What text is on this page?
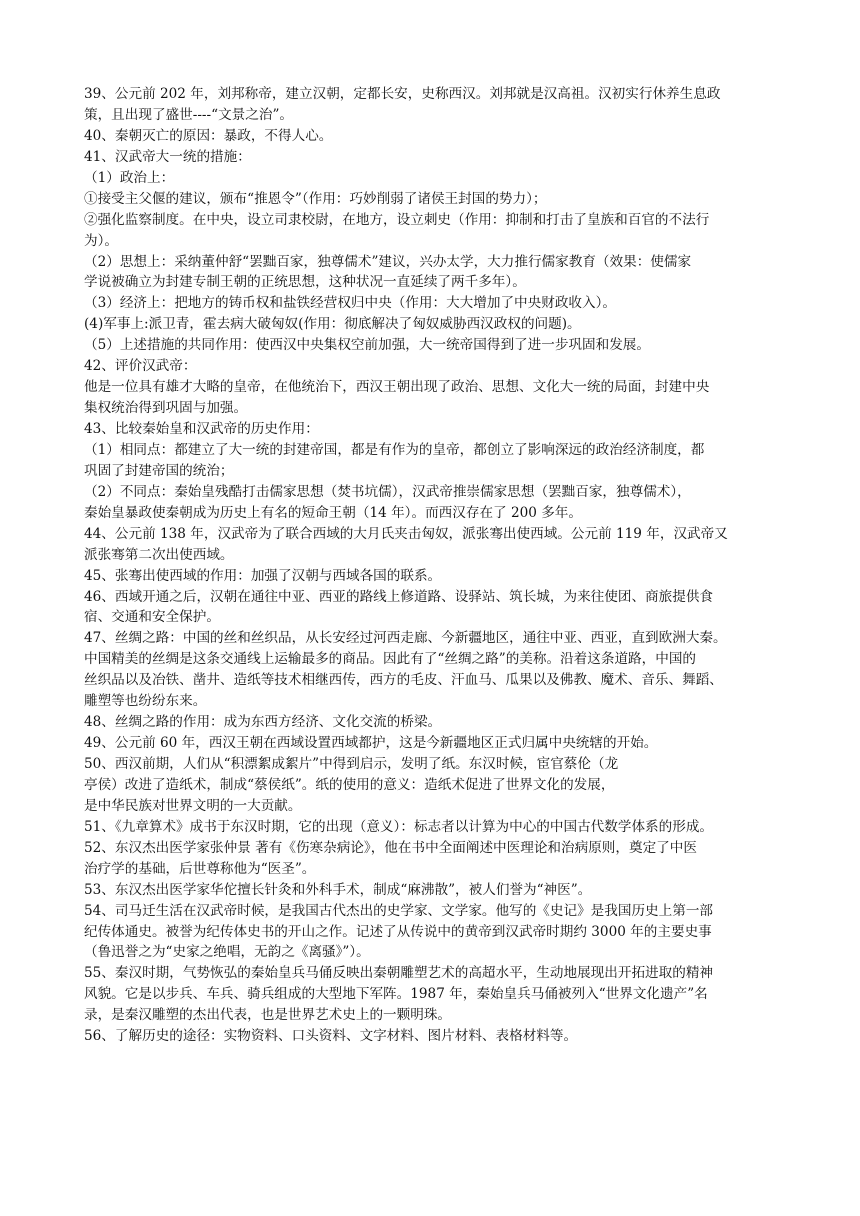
39、公元前 202 年，刘邦称帝，建立汉朝，定都长安，史称西汉。刘邦就是汉高祖。汉初实行休养生息政
策，且出现了盛世----“文景之治”。
40、秦朝灭亡的原因：暴政，不得人心。
41、汉武帝大一统的措施：
（1）政治上：
①接受主父偃的建议，颁布“推恩令”（作用：巧妙削弱了诸侯王封国的势力）；
②强化监察制度。在中央，设立司隶校尉，在地方，设立刺史（作用：抑制和打击了皇族和百官的不法行
为）。
（2）思想上：采纳董仲舒“罢黜百家，独尊儒术”建议，兴办太学，大力推行儒家教育（效果：使儒家
学说被确立为封建专制王朝的正统思想，这种状况一直延续了两千多年）。
（3）经济上：把地方的铸币权和盐铁经营权归中央（作用：大大增加了中央财政收入）。
(4)军事上:派卫青，霍去病大破匈奴(作用：彻底解决了匈奴威胁西汉政权的问题)。
（5）上述措施的共同作用：使西汉中央集权空前加强，大一统帝国得到了进一步巩固和发展。
42、评价汉武帝：
他是一位具有雄才大略的皇帝，在他统治下，西汉王朝出现了政治、思想、文化大一统的局面，封建中央
集权统治得到巩固与加强。
43、比较秦始皇和汉武帝的历史作用：
（1）相同点：都建立了大一统的封建帝国，都是有作为的皇帝，都创立了影响深远的政治经济制度，都
巩固了封建帝国的统治；
（2）不同点：秦始皇残酷打击儒家思想（焚书坑儒），汉武帝推崇儒家思想（罢黜百家，独尊儒术），
秦始皇暴政使秦朝成为历史上有名的短命王朝（14 年）。而西汉存在了 200 多年。
44、公元前 138 年，汉武帝为了联合西域的大月氏夹击匈奴，派张骞出使西域。公元前 119 年，汉武帝又
派张骞第二次出使西域。
45、张骞出使西域的作用：加强了汉朝与西域各国的联系。
46、西域开通之后，汉朝在通往中亚、西亚的路线上修道路、设驿站、筑长城，为来往使团、商旅提供食
宿、交通和安全保护。
47、丝绸之路：中国的丝和丝织品，从长安经过河西走廊、今新疆地区，通往中亚、西亚，直到欧洲大秦。
中国精美的丝绸是这条交通线上运输最多的商品。因此有了“丝绸之路”的美称。沿着这条道路，中国的
丝织品以及冶铁、凿井、造纸等技术相继西传，西方的毛皮、汗血马、瓜果以及佛教、魔术、音乐、舞蹈、
雕塑等也纷纷东来。
48、丝绸之路的作用：成为东西方经济、文化交流的桥梁。
49、公元前 60 年，西汉王朝在西域设置西域都护，这是今新疆地区正式归属中央统辖的开始。
50、西汉前期，人们从“积漂絮成絮片”中得到启示，发明了纸。东汉时候，宦官蔡伦（龙
亭侯）改进了造纸术，制成“蔡侯纸”。纸的使用的意义：造纸术促进了世界文化的发展，
是中华民族对世界文明的一大贡献。
51、《九章算术》成书于东汉时期，它的出现（意义）：标志者以计算为中心的中国古代数学体系的形成。
52、东汉杰出医学家张仲景 著有《伤寒杂病论》，他在书中全面阐述中医理论和治病原则，奠定了中医
治疗学的基础，后世尊称他为“医圣”。
53、东汉杰出医学家华佗擅长针灸和外科手术，制成“麻沸散”，被人们誉为“神医”。
54、司马迁生活在汉武帝时候，是我国古代杰出的史学家、文学家。他写的《史记》是我国历史上第一部
纪传体通史。被誉为纪传体史书的开山之作。记述了从传说中的黄帝到汉武帝时期约 3000 年的主要史事
（鲁迅誉之为“史家之绝唱，无韵之《离骚》”）。
55、秦汉时期，气势恢弘的秦始皇兵马俑反映出秦朝雕塑艺术的高超水平，生动地展现出开拓进取的精神
风貌。它是以步兵、车兵、骑兵组成的大型地下军阵。1987 年，秦始皇兵马俑被列入“世界文化遗产”名
录，是秦汉雕塑的杰出代表，也是世界艺术史上的一颗明珠。
56、了解历史的途径：实物资料、口头资料、文字材料、图片材料、表格材料等。
